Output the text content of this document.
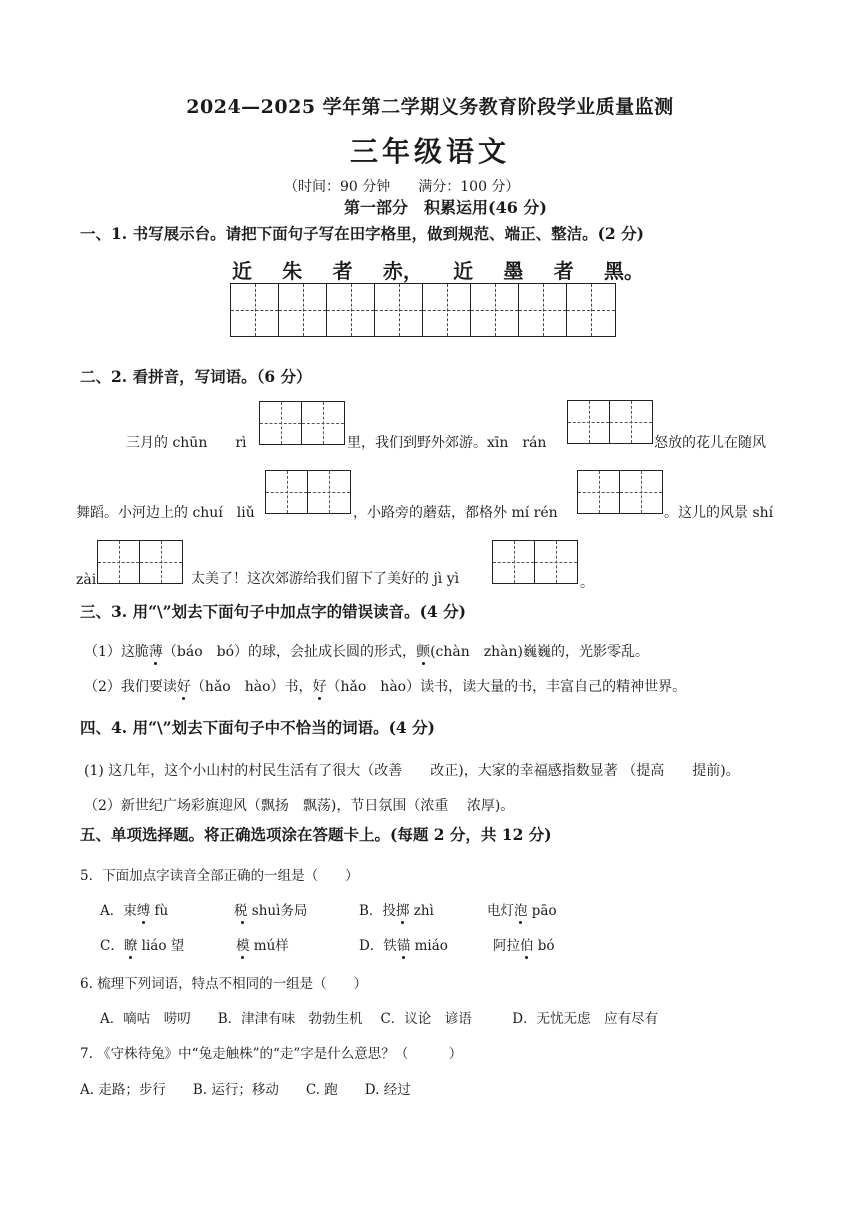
2024—2025 学年第二学期义务教育阶段学业质量监测
三年级语文
（时间：90 分钟　　满分：100 分）
第一部分　积累运用(46 分)
一、1. 书写展示台。请把下面句子写在田字格里，做到规范、端正、整洁。(2 分)
近 朱 者 赤， 近 墨 者 黑。
二、2. 看拼音，写词语。（6 分）
三月的 chūn　　rì	里，我们到野外郊游。xīn　rán	怒放的花儿在随风
舞蹈。小河边上的 chuí　liǔ	，小路旁的蘑菇，都格外 mí rén	。这儿的风景 shí
zài	太美了！这次郊游给我们留下了美好的 jì yì	。
三、3. 用“\”划去下面句子中加点字的错误读音。(4 分)
（1）这脆薄（báo　bó）的球，会扯成长圆的形式，颤(chàn　zhàn)巍巍的，光影零乱。
（2）我们要读好（hǎo　hào）书，好（hǎo　hào）读书，读大量的书，丰富自己的精神世界。
四、4. 用“\”划去下面句子中不恰当的词语。(4 分)
(1) 这几年，这个小山村的村民生活有了很大（改善　　改正)，大家的幸福感指数显著 （提高　　提前)。
（2）新世纪广场彩旗迎风（飘扬　飘荡)，节日氛围（浓重　 浓厚)。
五、单项选择题。将正确选项涂在答题卡上。(每题 2 分，共 12 分)
5．下面加点字读音全部正确的一组是（　　）
A．束缚 fù	税 shuì务局	B．投掷 zhì	电灯泡 pāo
C．瞭 liáo 望	模 mú样	D．铁锚 miáo	阿拉伯 bó
6. 梳理下列词语，特点不相同的一组是（　　）
A．嘀咕　唠叨　　B．津津有味　勃勃生机　 C．议论　谚语　　　D．无忧无虑　应有尽有
7. 《守株待兔》中“兔走触株”的“走”字是什么意思？（　　　）
A. 走路；步行　　B. 运行；移动　　C. 跑　　D. 经过
